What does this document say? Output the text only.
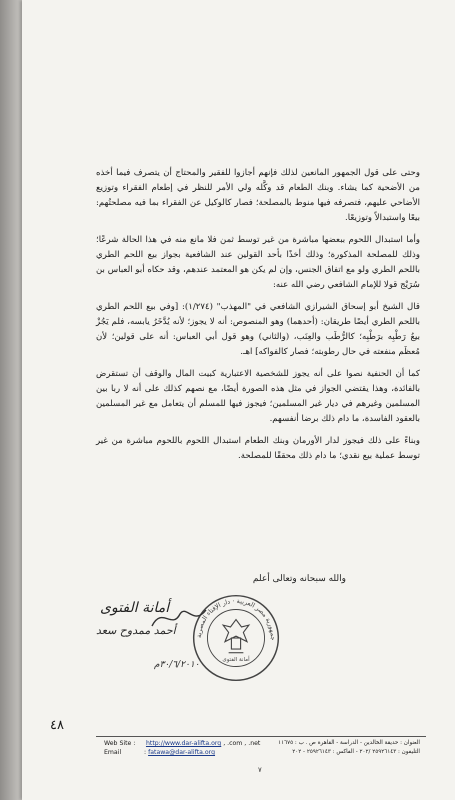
وحتى على قول الجمهور المانعين لذلك فإنهم أجازوا للفقير والمحتاج أن يتصرف فيما أخذه من الأضحية كما يشاء. وبنك الطعام قد وكَّله ولي الأمر للنظر في إطعام الفقراء وتوزيع الأضاحي عليهم، فتصرفه فيها منوط بالمصلحة؛ فصار كالوكيل عن الفقراء بما فيه مصلحتُهم: بيعًا واستبدالاً وتوزيعًا.

وأما استبدال اللحوم ببعضها مباشرة من غير توسط ثمن فلا مانع منه في هذا الحالة شرعًا؛ وذلك للمصلحة المذكورة؛ وذلك أخذًا بأحد القولين عند الشافعية بجواز بيع اللحم الطري باللحم الطري ولو مع اتفاق الجنس، وإن لم يكن هو المعتمد عندهم، وقد حكاه أبو العباس بن سُرَيْج قولا للإمام الشافعي رضي الله عنه:

قال الشيخ أبو إسحاق الشيرازي الشافعي في "المهذب" (١/٢٧٤): [وفي بيع اللحم الطري باللحم الطري أيضًا طريقان: (أحدهما) وهو المنصوص: أنه لا يجوز؛ لأنه يُدَّخَرُ يابسه، فلم يَجُزْ بيعُ رَطْبِه برَطْبِه؛ كالرُّطَب والعِنَب، (والثاني) وهو قول أبي العباس: أنه على قولين؛ لأن مُعظَم منفعته في حال رطوبته؛ فصار كالفواكه] اهـ.

كما أن الحنفية نصوا على أنه يجوز للشخصية الاعتبارية كبيت المال والوقف أن تستقرض بالفائدة، وهذا يقتضي الجواز في مثل هذه الصورة أيضًا، مع نصهم كذلك على أنه لا ربا بين المسلمين وغيرهم في ديار غير المسلمين؛ فيجوز فيها للمسلم أن يتعامل مع غير المسلمين بالعقود الفاسدة، ما دام ذلك برضا أنفسهم.

وبناءً على ذلك فيجوز لدار الأورمان وبنك الطعام استبدال اللحوم باللحوم مباشرة من غير توسط عملية بيع نقدي؛ ما دام ذلك محققًا للمصلحة.

والله سبحانه وتعالى أعلم
جمهورية مصر العربية · دار الإفتاء المصرية
أمانة الفتوى
أمانة الفتوى
أحمد ممدوح سعد
٣٠/٦/٢٠١٠م
٤٨
Web Site : http://www.dar-alifta.org , .com , .net
Email	: fatawa@dar-alifta.org
العنوان : حديقة الخالدين - الدراسة - القاهرة ص . ب : ١١٦٧٥
التليفون : ٢٥٩٢٦١٤٣ /٢٠٢ - الفاكس : ٢٥٩٢٦١٤٣ - ٢٠٢
٧
